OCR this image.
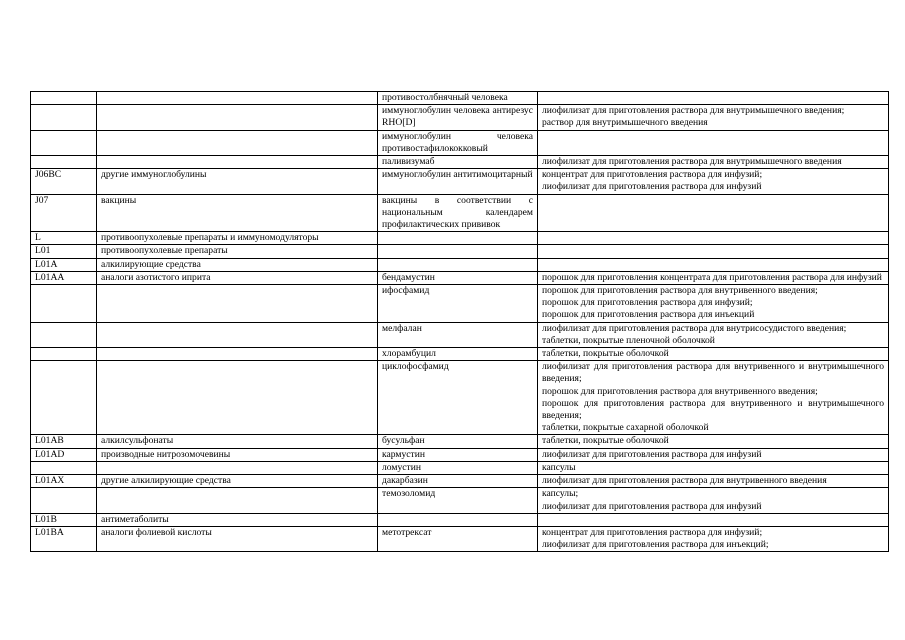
		противостолбнячный человека	
		иммуноглобулин человека антирезус RHO[D]	лиофилизат для приготовления раствора для внутримышечного введения;
раствор для внутримышечного введения

		иммуноглобулин человека противостафилококковый	
		паливизумаб	лиофилизат для приготовления раствора для внутримышечного введения

J06BC	другие иммуноглобулины	иммуноглобулин антитимоцитарный	концентрат для приготовления раствора для инфузий;
лиофилизат для приготовления раствора для инфузий

J07	вакцины	вакцины в соответствии с национальным календарем профилактических прививок	
L	противоопухолевые препараты и иммуномодуляторы		
L01	противоопухолевые препараты		
L01A	алкилирующие средства		
L01AA	аналоги азотистого иприта	бендамустин	порошок для приготовления концентрата для приготовления раствора для инфузий

		ифосфамид	порошок для приготовления раствора для внутривенного введения;
порошок для приготовления раствора для инфузий;
порошок для приготовления раствора для инъекций

		мелфалан	лиофилизат для приготовления раствора для внутрисосудистого введения;
таблетки, покрытые пленочной оболочкой

		хлорамбуцил	таблетки, покрытые оболочкой

		циклофосфамид	лиофилизат для приготовления раствора для внутривенного и внутримышечного введения;
порошок для приготовления раствора для внутривенного введения;
порошок для приготовления раствора для внутривенного и внутримышечного введения;
таблетки, покрытые сахарной оболочкой

L01AB	алкилсульфонаты	бусульфан	таблетки, покрытые оболочкой

L01AD	производные нитрозомочевины	кармустин	лиофилизат для приготовления раствора для инфузий

		ломустин	капсулы

L01AX	другие алкилирующие средства	дакарбазин	лиофилизат для приготовления раствора для внутривенного введения

		темозоломид	капсулы;
лиофилизат для приготовления раствора для инфузий

L01B	антиметаболиты		
L01BA	аналоги фолиевой кислоты	метотрексат	концентрат для приготовления раствора для инфузий;
лиофилизат для приготовления раствора для инъекций;
